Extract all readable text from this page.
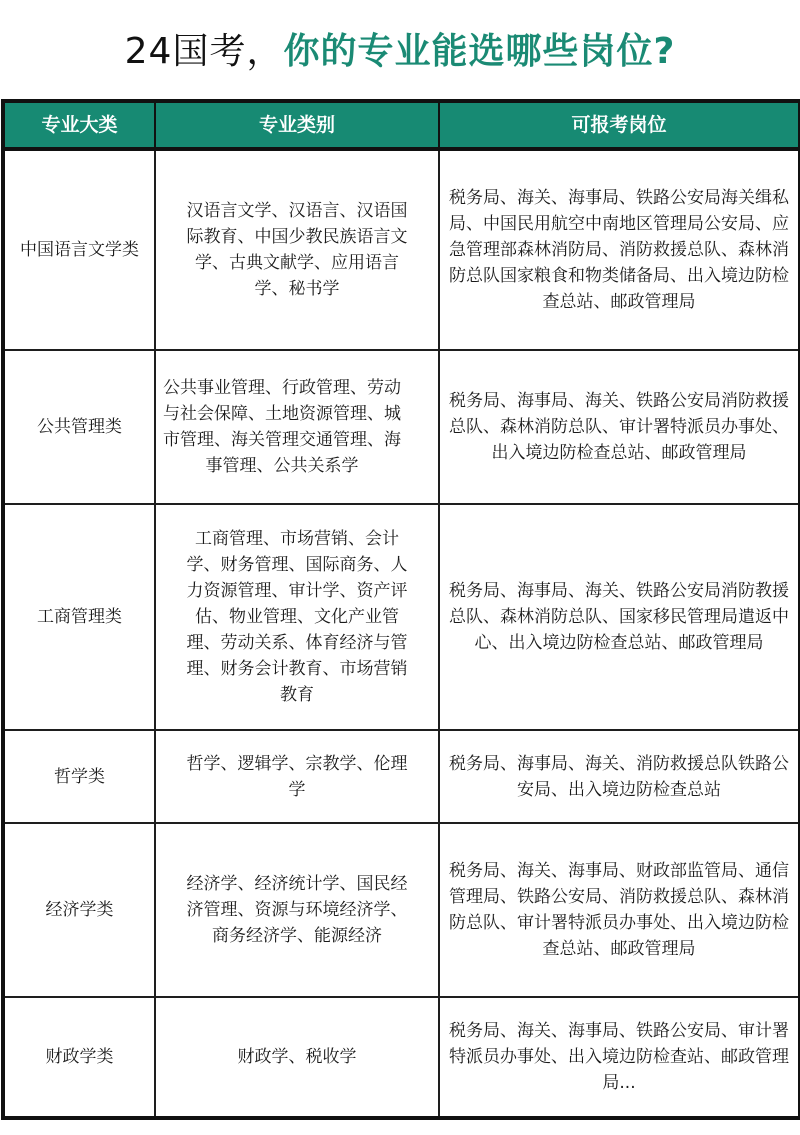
24国考，你的专业能选哪些岗位?
专业大类	专业类别	可报考岗位
中国语言文学类	汉语言文学、汉语言、汉语国际教育、中国少教民族语言文学、古典文献学、应用语言学、秘书学	税务局、海关、海事局、铁路公安局海关缉私局、中国民用航空中南地区管理局公安局、应急管理部森林消防局、消防救援总队、森林消防总队国家粮食和物类储备局、出入境边防检查总站、邮政管理局
公共管理类	公共事业管理、行政管理、劳动与社会保障、土地资源管理、城市管理、海关管理交通管理、海事管理、公共关系学	税务局、海事局、海关、铁路公安局消防救援总队、森林消防总队、审计署特派员办事处、出入境边防检查总站、邮政管理局
工商管理类	工商管理、市场营销、会计学、财务管理、国际商务、人力资源管理、审计学、资产评估、物业管理、文化产业管理、劳动关系、体育经济与管理、财务会计教育、市场营销教育	税务局、海事局、海关、铁路公安局消防教援总队、森林消防总队、国家移民管理局遣返中心、出入境边防检查总站、邮政管理局
哲学类	哲学、逻辑学、宗教学、伦理学	税务局、海事局、海关、消防救援总队铁路公安局、出入境边防检查总站
经济学类	经济学、经济统计学、国民经济管理、资源与环境经济学、商务经济学、能源经济	税务局、海关、海事局、财政部监管局、通信管理局、铁路公安局、消防救援总队、森林消防总队、审计署特派员办事处、出入境边防检查总站、邮政管理局
财政学类	财政学、税收学	税务局、海关、海事局、铁路公安局、审计署特派员办事处、出入境边防检查站、邮政管理局...
